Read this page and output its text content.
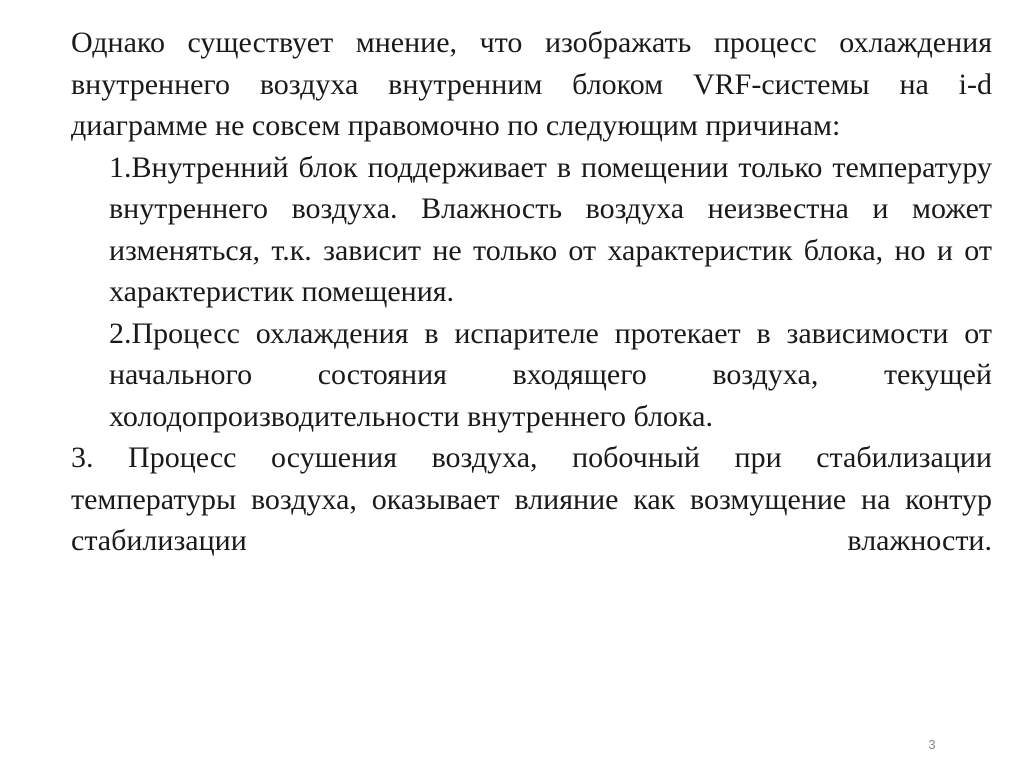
Однако существует мнение, что изображать процесс охлаждения внутреннего воздуха внутренним блоком VRF-системы на i-d диаграмме не совсем правомочно по следующим причинам:

1.Внутренний блок поддерживает в помещении только температуру внутреннего воздуха. Влажность воздуха неизвестна и может изменяться, т.к. зависит не только от характеристик блока, но и от характеристик помещения.

2.Процесс охлаждения в испарителе протекает в зависимости от начального состояния входящего воздуха, текущей холодопроизводительности внутреннего блока.

3. Процесс осушения воздуха, побочный при стабилизации температуры воздуха, оказывает влияние как возмущение на контур стабилизации влажности.

3
